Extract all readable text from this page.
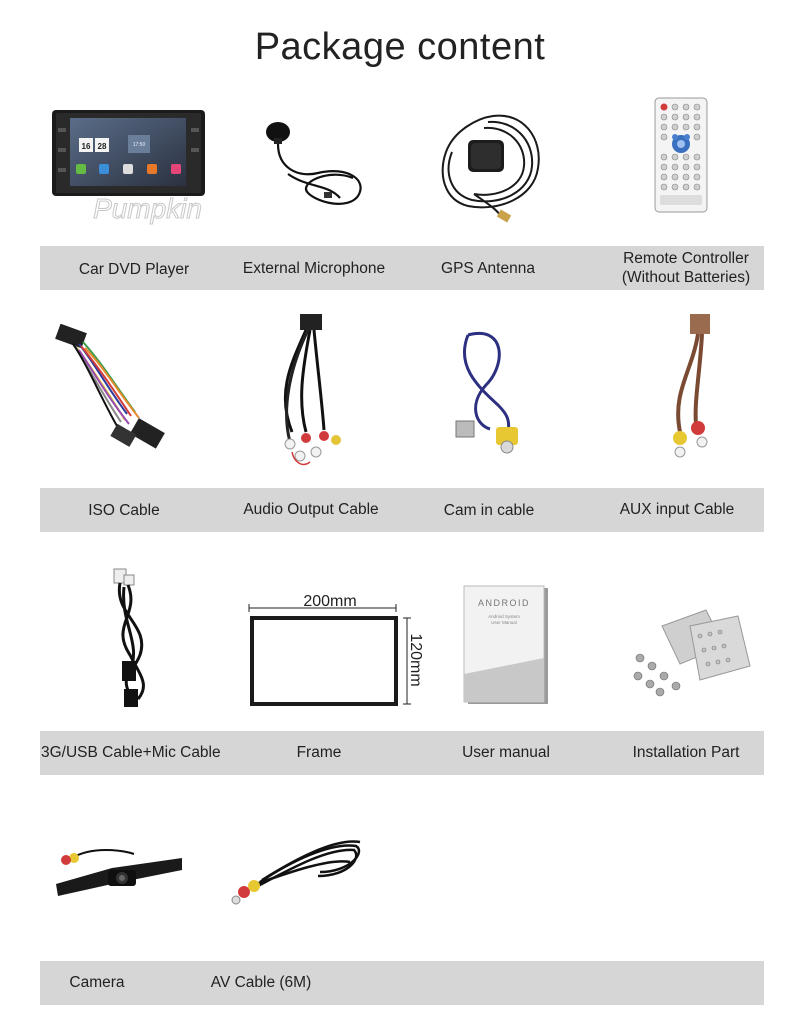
Package content
16 28	17:50
Pumpkin
Car DVD Player	External Microphone	GPS Antenna
Remote Controller
(Without Batteries)
ISO Cable	Audio Output Cable	Cam in cable	AUX input Cable
200mm
120mm
ANDROID
Android System User Manual
3G/USB Cable+Mic Cable	Frame	User manual	Installation Part
Camera	AV Cable (6M)
